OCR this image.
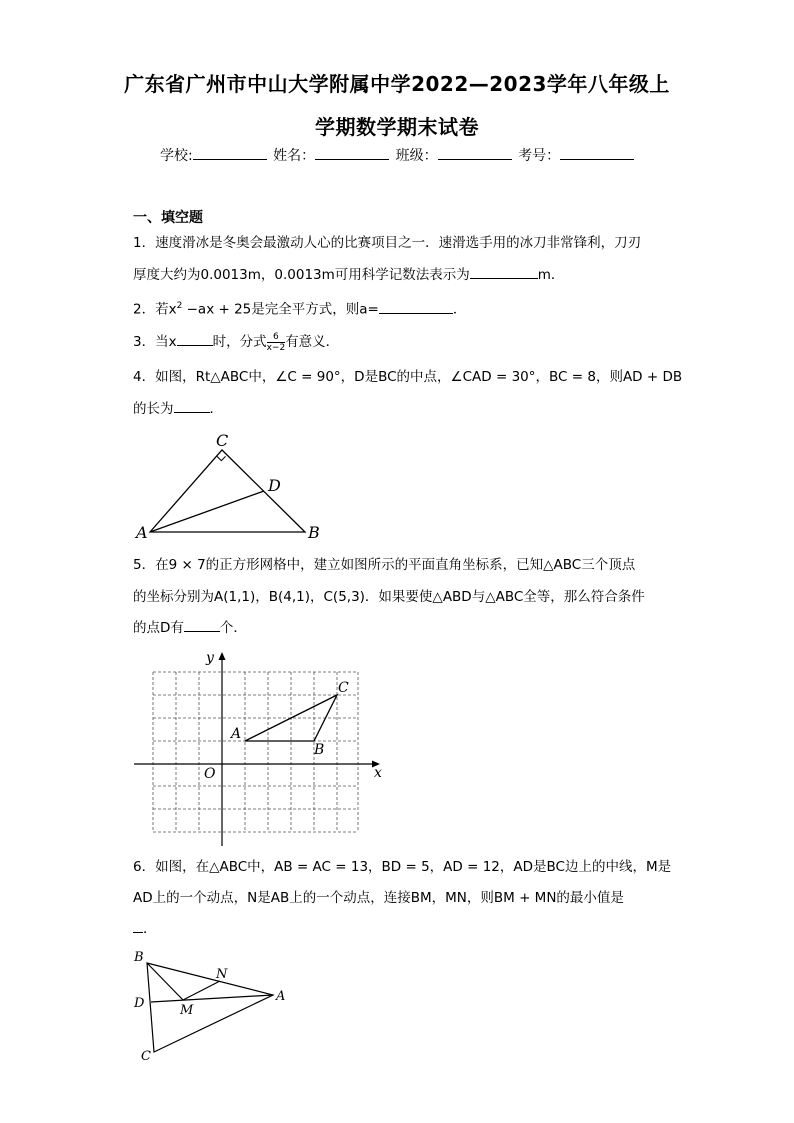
广东省广州市中山大学附属中学2022—2023学年八年级上
学期数学期末试卷
学校:	姓名：	班级：	考号：
一、填空题
1．速度滑冰是冬奥会最激动人心的比赛项目之一．速滑选手用的冰刀非常锋利，刀刃
厚度大约为0.0013m，0.0013m可用科学记数法表示为	m．
2．若$x^2 -ax + 25$是完全平方式，则a=	．
3．当x	时，分式 $\frac{6}{x-2}$ 有意义．
4．如图，Rt△ABC中，∠C = 90°，D是BC的中点，∠CAD = 30°，BC = 8，则AD + DB
的长为	．
C
D
A	B
5．在9 × 7的正方形网格中，建立如图所示的平面直角坐标系，已知△ABC三个顶点
的坐标分别为A(1,1)，B(4,1)，C(5,3)．如果要使△ABD与△ABC全等，那么符合条件
的点D有	个．
y
x
O
A
B
C
6．如图，在△ABC中，AB = AC = 13，BD = 5，AD = 12，AD是BC边上的中线，M是
AD上的一个动点，N是AB上的一个动点，连接BM，MN，则BM + MN的最小值是
．
B
N
A
D	M
C
